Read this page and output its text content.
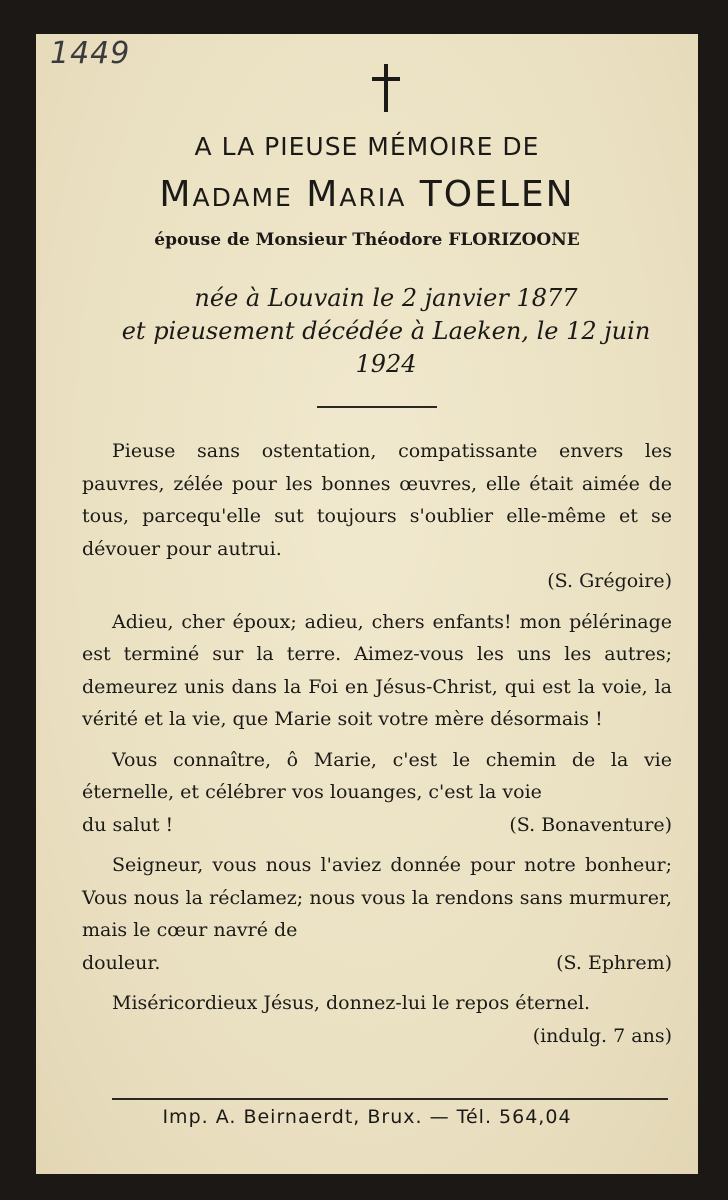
1449
A LA PIEUSE MÉMOIRE DE
Madame Maria TOELEN
épouse de Monsieur Théodore FLORIZOONE
née à Louvain le 2 janvier 1877
et pieusement décédée à Laeken, le 12 juin
1924

Pieuse sans ostentation, compatissante envers les pauvres, zélée pour les bonnes œuvres, elle était aimée de tous, parcequ'elle sut toujours s'oublier elle-même et se dévouer pour autrui.

(S. Grégoire)

Adieu, cher époux; adieu, chers enfants! mon pélérinage est terminé sur la terre. Aimez-vous les uns les autres; demeurez unis dans la Foi en Jésus-Christ, qui est la voie, la vérité et la vie, que Marie soit votre mère désormais !

Vous connaître, ô Marie, c'est le chemin de la vie éternelle, et célébrer vos louanges, c'est la voie

du salut !	(S. Bonaventure)

Seigneur, vous nous l'aviez donnée pour notre bonheur; Vous nous la réclamez; nous vous la rendons sans murmurer, mais le cœur navré de

douleur.	(S. Ephrem)

Miséricordieux Jésus, donnez-lui le repos éternel.

(indulg. 7 ans)
Imp. A. Beirnaerdt, Brux. — Tél. 564,04
